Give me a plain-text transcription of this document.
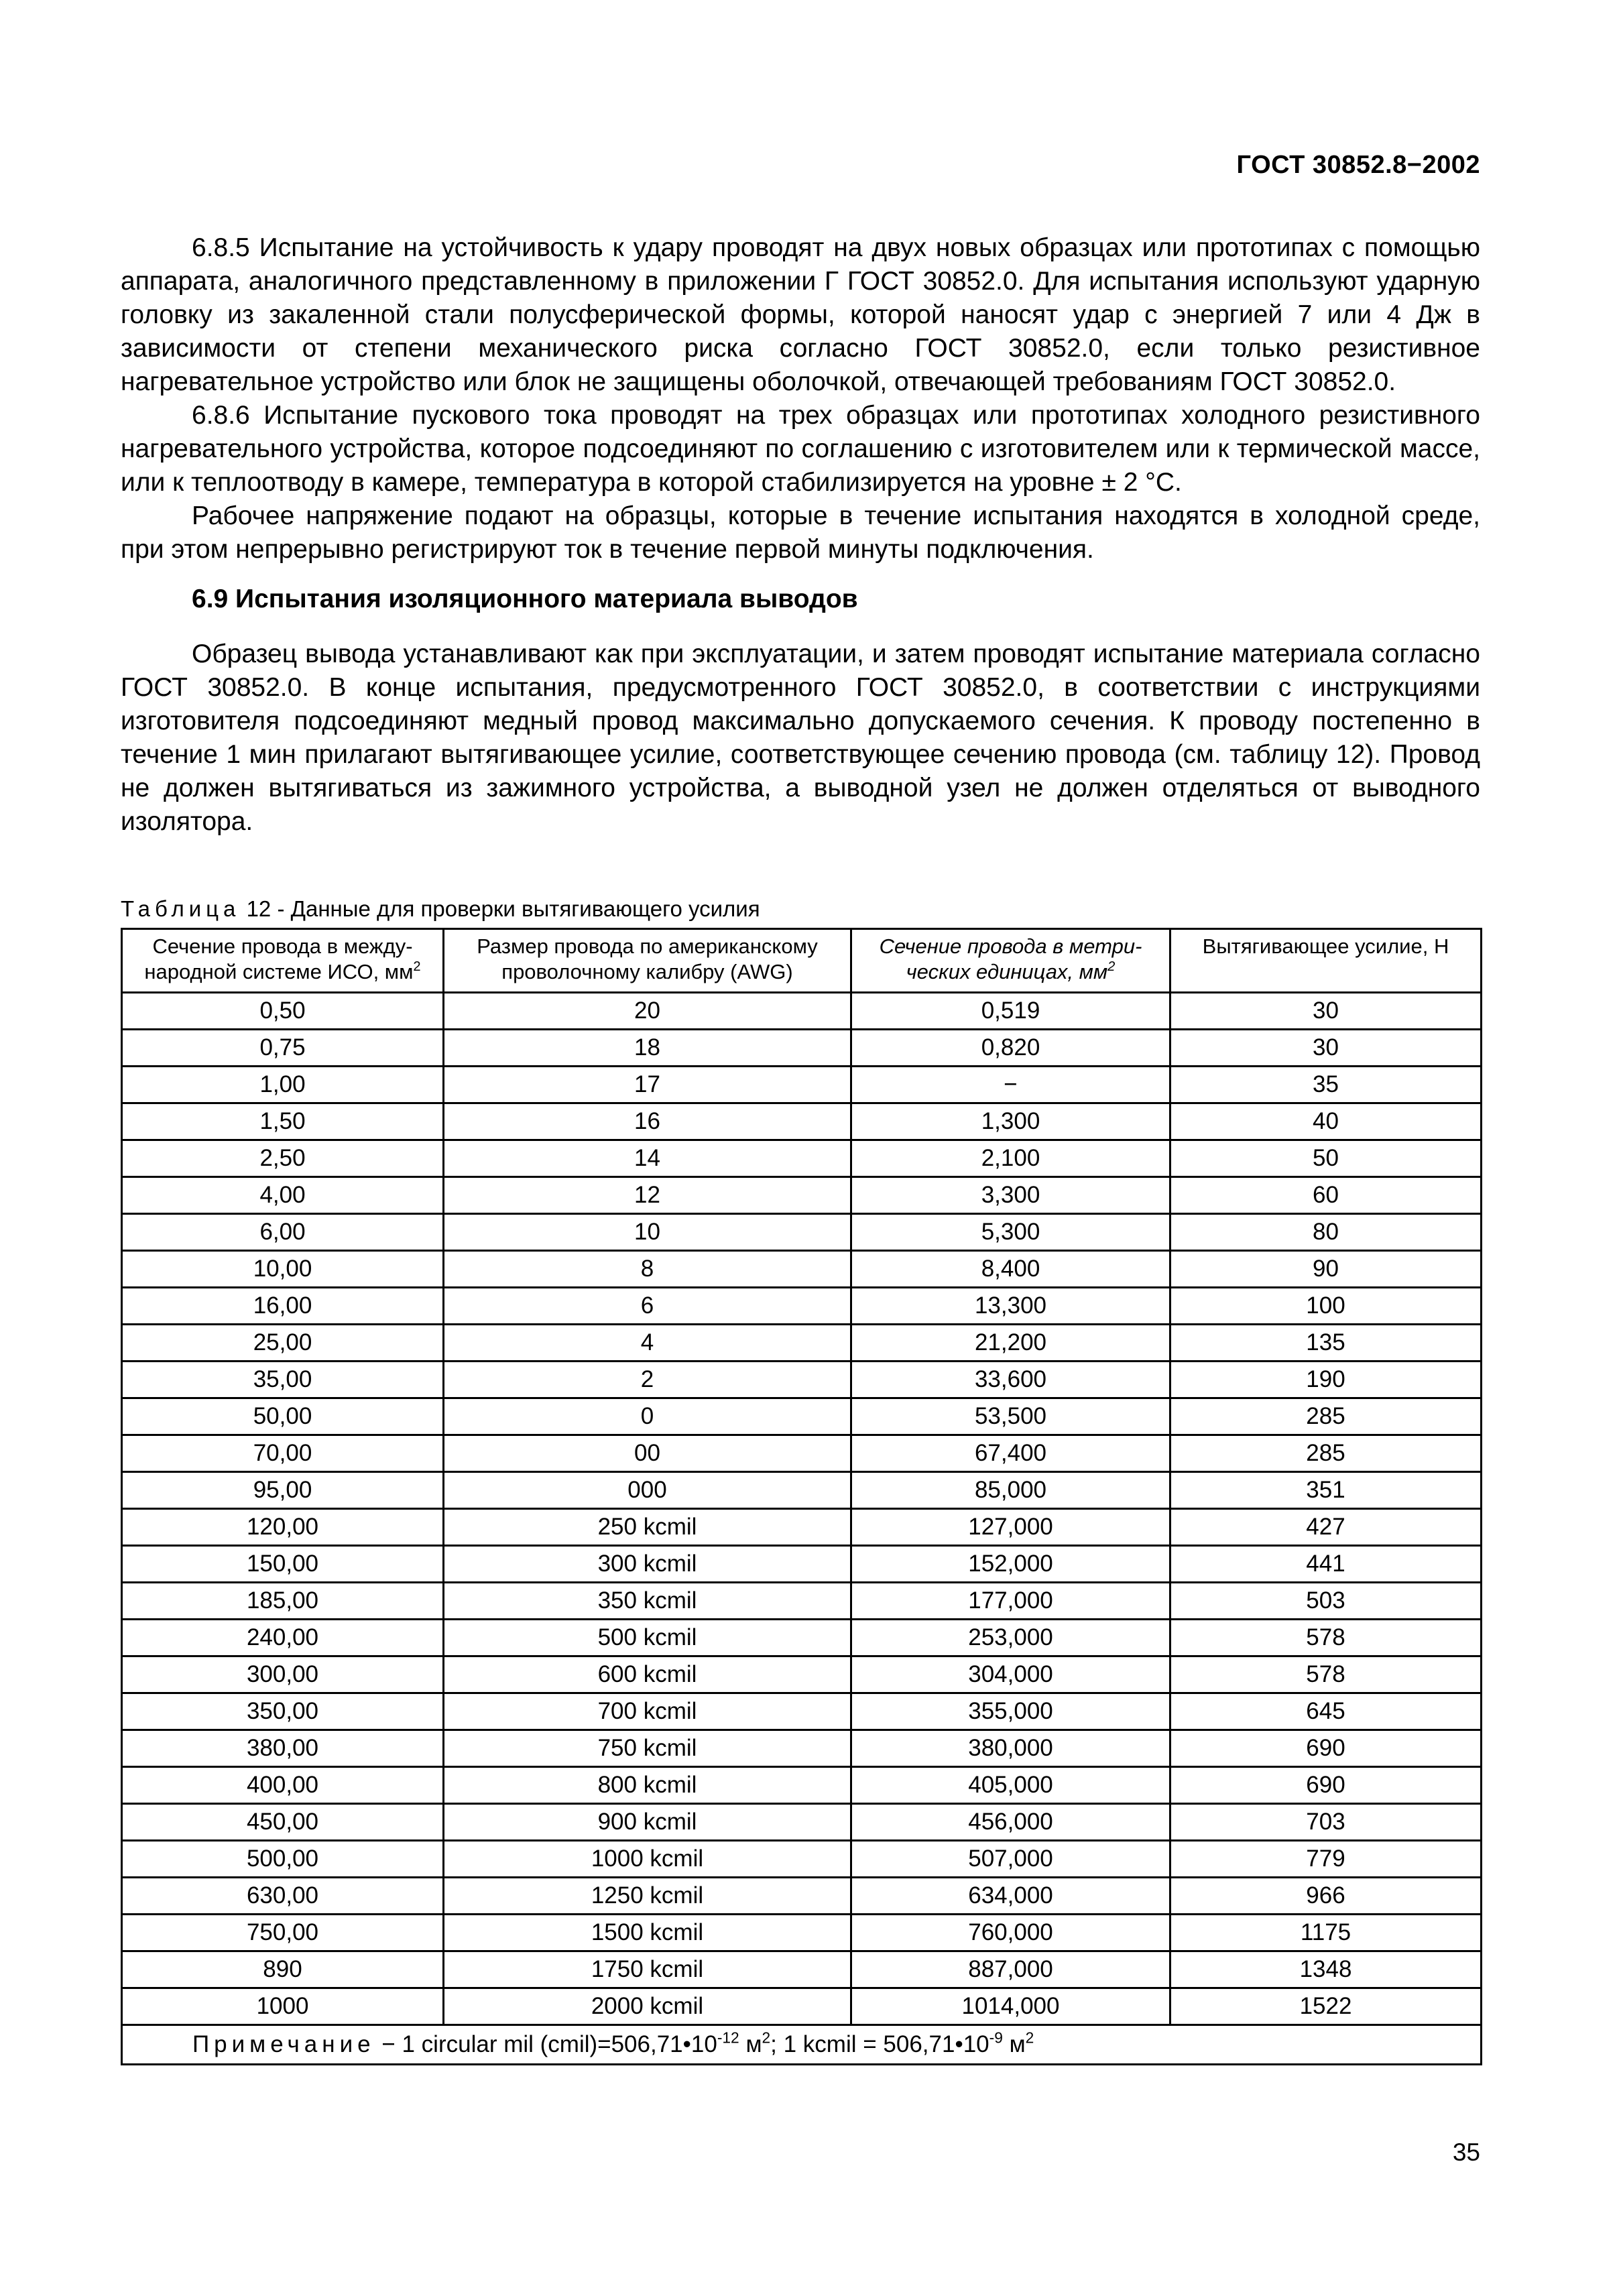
ГОСТ 30852.8−2002

6.8.5 Испытание на устойчивость к удару проводят на двух новых образцах или прототипах с помощью аппарата, аналогичного представленному в приложении Г ГОСТ 30852.0. Для испытания используют ударную головку из закаленной стали полусферической формы, которой наносят удар с энергией 7 или 4 Дж в зависимости от степени механического риска согласно ГОСТ 30852.0, если только резистивное нагревательное устройство или блок не защищены оболочкой, отвечающей требованиям ГОСТ 30852.0.

6.8.6 Испытание пускового тока проводят на трех образцах или прототипах холодного резистивного нагревательного устройства, которое подсоединяют по соглашению с изготовителем или к термической массе, или к теплоотводу в камере, температура в которой стабилизируется на уровне ± 2 °С.

Рабочее напряжение подают на образцы, которые в течение испытания находятся в холодной среде, при этом непрерывно регистрируют ток в течение первой минуты подключения.

6.9 Испытания изоляционного материала выводов

Образец вывода устанавливают как при эксплуатации, и затем проводят испытание материала согласно ГОСТ 30852.0. В конце испытания, предусмотренного ГОСТ 30852.0, в соответствии с инструкциями изготовителя подсоединяют медный провод максимально допускаемого сечения. К проводу постепенно в течение 1 мин прилагают вытягивающее усилие, соответствующее сечению провода (см. таблицу 12). Провод не должен вытягиваться из зажимного устройства, а выводной узел не должен отделяться от выводного изолятора.

Таблица 12 - Данные для проверки вытягивающего усилия
Сечение провода в между-народной системе ИСО, $мм^2$	Размер провода по американскому проволочному калибру (AWG)	Сечение провода в метри-ческих единицах, $мм^2$	Вытягивающее усилие, Н
0,50	20	0,519	30
0,75	18	0,820	30
1,00	17	−	35
1,50	16	1,300	40
2,50	14	2,100	50
4,00	12	3,300	60
6,00	10	5,300	80
10,00	8	8,400	90
16,00	6	13,300	100
25,00	4	21,200	135
35,00	2	33,600	190
50,00	0	53,500	285
70,00	00	67,400	285
95,00	000	85,000	351
120,00	250 kcmil	127,000	427
150,00	300 kcmil	152,000	441
185,00	350 kcmil	177,000	503
240,00	500 kcmil	253,000	578
300,00	600 kcmil	304,000	578
350,00	700 kcmil	355,000	645
380,00	750 kcmil	380,000	690
400,00	800 kcmil	405,000	690
450,00	900 kcmil	456,000	703
500,00	1000 kcmil	507,000	779
630,00	1250 kcmil	634,000	966
750,00	1500 kcmil	760,000	1175
890	1750 kcmil	887,000	1348
1000	2000 kcmil	1014,000	1522
Примечание − 1 circular mil $(cmil)=506,71•10^{-12}$ $м^2$; 1 kcmil = $506,71•10^{-9}$ $м^2$
35
